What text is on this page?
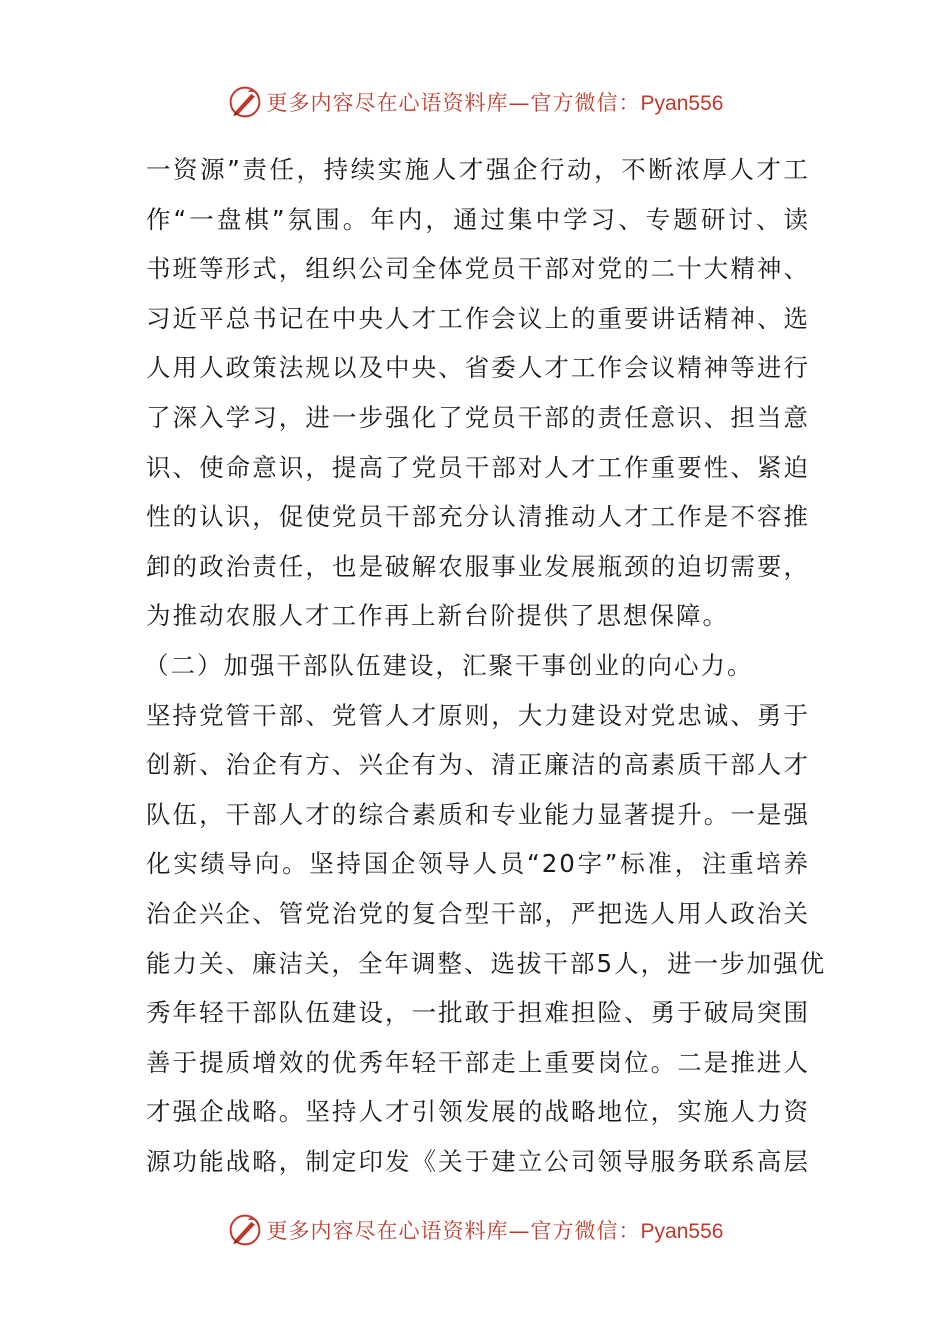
更多内容尽在心语资料库—官方微信：Pyan556
一资源”责任，持续实施人才强企行动，不断浓厚人才工
作“一盘棋”氛围。年内，通过集中学习、专题研讨、读
书班等形式，组织公司全体党员干部对党的二十大精神、
习近平总书记在中央人才工作会议上的重要讲话精神、选
人用人政策法规以及中央、省委人才工作会议精神等进行
了深入学习，进一步强化了党员干部的责任意识、担当意
识、使命意识，提高了党员干部对人才工作重要性、紧迫
性的认识，促使党员干部充分认清推动人才工作是不容推
卸的政治责任，也是破解农服事业发展瓶颈的迫切需要，
为推动农服人才工作再上新台阶提供了思想保障。
（二）加强干部队伍建设，汇聚干事创业的向心力。
坚持党管干部、党管人才原则，大力建设对党忠诚、勇于
创新、治企有方、兴企有为、清正廉洁的高素质干部人才
队伍，干部人才的综合素质和专业能力显著提升。一是强
化实绩导向。坚持国企领导人员“20字”标准，注重培养
治企兴企、管党治党的复合型干部，严把选人用人政治关
能力关、廉洁关，全年调整、选拔干部5人，进一步加强优
秀年轻干部队伍建设，一批敢于担难担险、勇于破局突围
善于提质增效的优秀年轻干部走上重要岗位。二是推进人
才强企战略。坚持人才引领发展的战略地位，实施人力资
源功能战略，制定印发《关于建立公司领导服务联系高层
更多内容尽在心语资料库—官方微信：Pyan556
